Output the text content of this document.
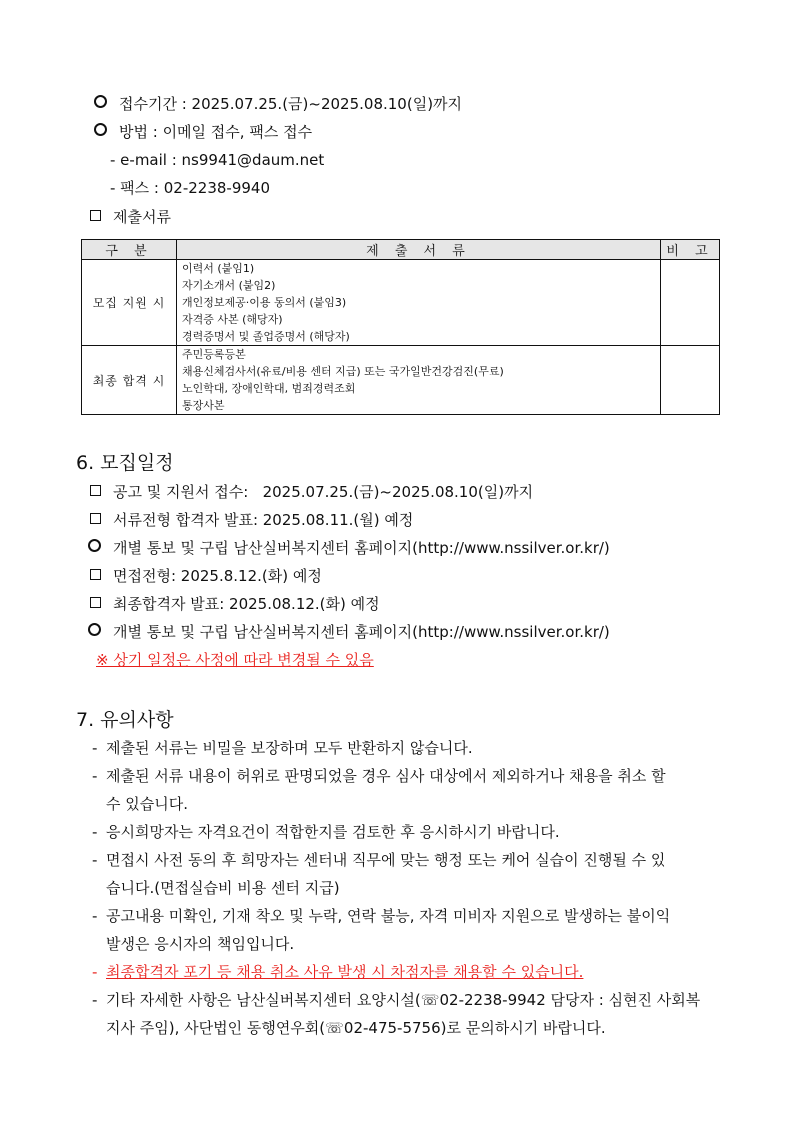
접수기간 : 2025.07.25.(금)~2025.08.10(일)까지
방법 : 이메일 접수, 팩스 접수
- e-mail : ns9941@daum.net
- 팩스 : 02-2238-9940
제출서류
구 분	제 출 서 류	비 고
모집 지원 시	이력서 (붙임1)
자기소개서 (붙임2)
개인정보제공·이용 동의서 (붙임3)
자격증 사본 (해당자)
경력증명서 및 졸업증명서 (해당자)	

최종 합격 시	주민등록등본
채용신체검사서(유료/비용 센터 지급) 또는 국가일반건강검진(무료)
노인학대, 장애인학대, 범죄경력조회
통장사본	

6. 모집일정
공고 및 지원서 접수:   2025.07.25.(금)~2025.08.10(일)까지
서류전형 합격자 발표: 2025.08.11.(월) 예정
개별 통보 및 구립 남산실버복지센터 홈페이지(http://www.nssilver.or.kr/)
면접전형: 2025.8.12.(화) 예정
최종합격자 발표: 2025.08.12.(화) 예정
개별 통보 및 구립 남산실버복지센터 홈페이지(http://www.nssilver.or.kr/)
※ 상기 일정은 사정에 따라 변경될 수 있음
7. 유의사항
- 제출된 서류는 비밀을 보장하며 모두 반환하지 않습니다.
- 제출된 서류 내용이 허위로 판명되었을 경우 심사 대상에서 제외하거나 채용을 취소 할
수 있습니다.
- 응시희망자는 자격요건이 적합한지를 검토한 후 응시하시기 바랍니다.
- 면접시 사전 동의 후 희망자는 센터내 직무에 맞는 행정 또는 케어 실습이 진행될 수 있
습니다.(면접실습비 비용 센터 지급)
- 공고내용 미확인, 기재 착오 및 누락, 연락 불능, 자격 미비자 지원으로 발생하는 불이익
발생은 응시자의 책임입니다.
- 최종합격자 포기 등 채용 취소 사유 발생 시 차점자를 채용할 수 있습니다.
- 기타 자세한 사항은 남산실버복지센터 요양시설(☏02-2238-9942 담당자 : 심현진 사회복
지사 주임), 사단법인 동행연우회(☏02-475-5756)로 문의하시기 바랍니다.
